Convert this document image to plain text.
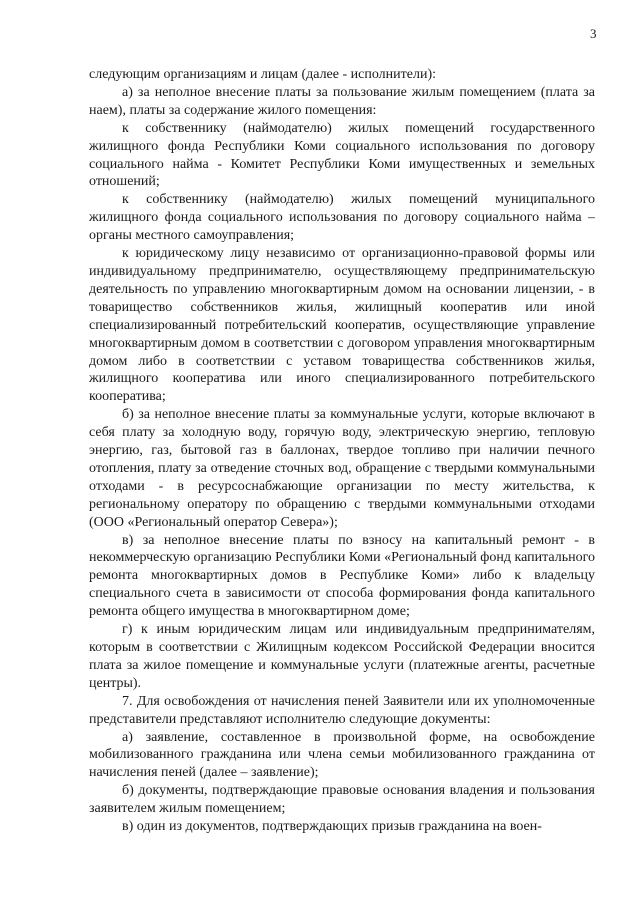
3

следующим организациям и лицам (далее - исполнители):

а) за неполное внесение платы за пользование жилым помещением (плата за наем), платы за содержание жилого помещения:

к собственнику (наймодателю) жилых помещений государственного жилищного фонда Республики Коми социального использования по договору социального найма - Комитет Республики Коми имущественных и земельных отношений;

к собственнику (наймодателю) жилых помещений муниципального жилищного фонда социального использования по договору социального найма – органы местного самоуправления;

к юридическому лицу независимо от организационно-правовой формы или индивидуальному предпринимателю, осуществляющему предпринимательскую деятельность по управлению многоквартирным домом на основании лицензии, - в товарищество собственников жилья, жилищный кооператив или иной специализированный потребительский кооператив, осуществляющие управление многоквартирным домом в соответствии с договором управления многоквартирным домом либо в соответствии с уставом товарищества собственников жилья, жилищного кооператива или иного специализированного потребительского кооператива;

б) за неполное внесение платы за коммунальные услуги, которые включают в себя плату за холодную воду, горячую воду, электрическую энергию, тепловую энергию, газ, бытовой газ в баллонах, твердое топливо при наличии печного отопления, плату за отведение сточных вод, обращение с твердыми коммунальными отходами - в ресурсоснабжающие организации по месту жительства, к региональному оператору по обращению с твердыми коммунальными отходами (ООО «Региональный оператор Севера»);

в) за неполное внесение платы по взносу на капитальный ремонт - в некоммерческую организацию Республики Коми «Региональный фонд капитального ремонта многоквартирных домов в Республике Коми» либо к владельцу специального счета в зависимости от способа формирования фонда капитального ремонта общего имущества в многоквартирном доме;

г) к иным юридическим лицам или индивидуальным предпринимателям, которым в соответствии с Жилищным кодексом Российской Федерации вносится плата за жилое помещение и коммунальные услуги (платежные агенты, расчетные центры).

7. Для освобождения от начисления пеней Заявители или их уполномоченные представители представляют исполнителю следующие документы:

а) заявление, составленное в произвольной форме, на освобождение мобилизованного гражданина или члена семьи мобилизованного гражданина от начисления пеней (далее – заявление);

б) документы, подтверждающие правовые основания владения и пользования заявителем жилым помещением;

в) один из документов, подтверждающих призыв гражданина на воен-
